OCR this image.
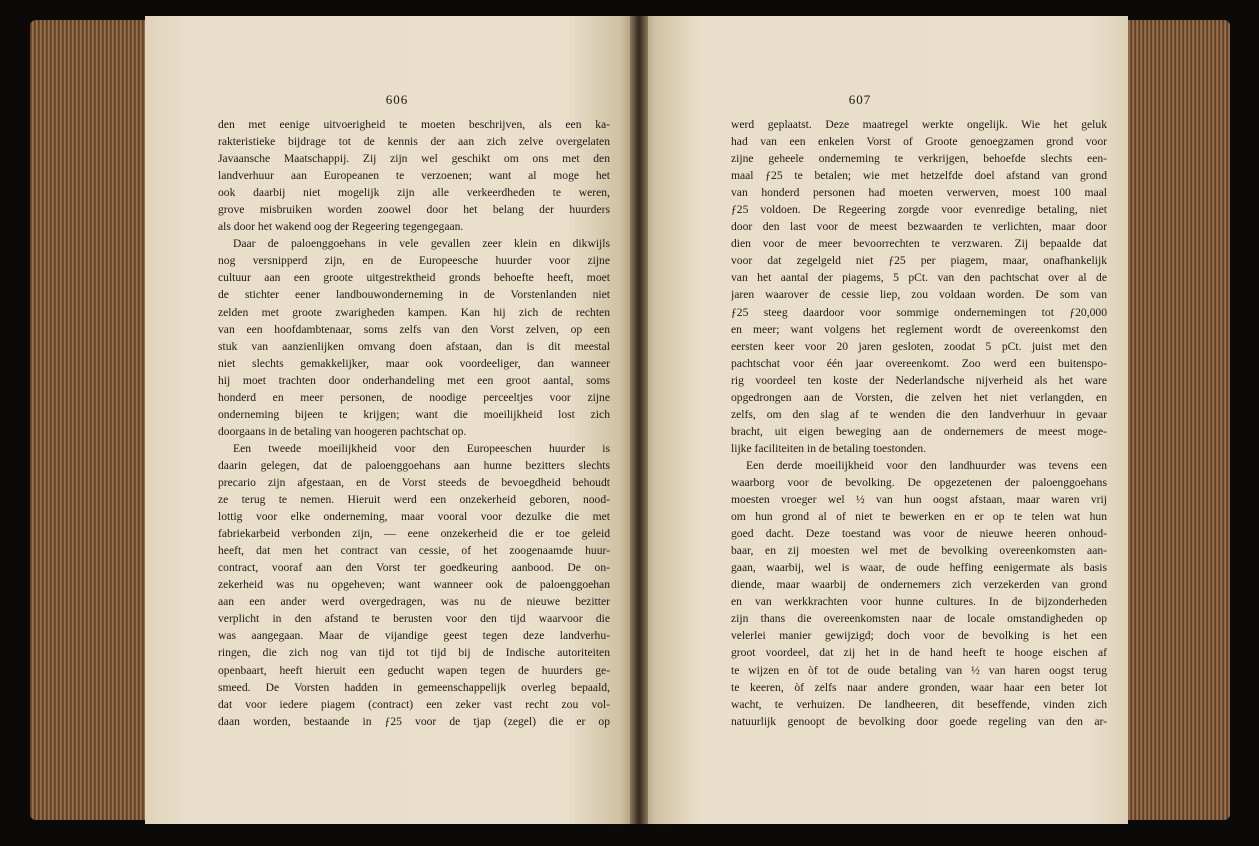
606
den met eenige uitvoerigheid te moeten beschrijven, als een ka-
rakteristieke bijdrage tot de kennis der aan zich zelve overgelaten
Javaansche Maatschappij. Zij zijn wel geschikt om ons met den
landverhuur aan Europeanen te verzoenen; want al moge het
ook daarbij niet mogelijk zijn alle verkeerdheden te weren,
grove misbruiken worden zoowel door het belang der huurders
als door het wakend oog der Regeering tegengegaan.
Daar de paloenggoehans in vele gevallen zeer klein en dikwijls
nog versnipperd zijn, en de Europeesche huurder voor zijne
cultuur aan een groote uitgestrektheid gronds behoefte heeft, moet
de stichter eener landbouwonderneming in de Vorstenlanden niet
zelden met groote zwarigheden kampen. Kan hij zich de rechten
van een hoofdambtenaar, soms zelfs van den Vorst zelven, op een
stuk van aanzienlijken omvang doen afstaan, dan is dit meestal
niet slechts gemakkelijker, maar ook voordeeliger, dan wanneer
hij moet trachten door onderhandeling met een groot aantal, soms
honderd en meer personen, de noodige perceeltjes voor zijne
onderneming bijeen te krijgen; want die moeilijkheid lost zich
doorgaans in de betaling van hoogeren pachtschat op.
Een tweede moeilijkheid voor den Europeeschen huurder is
daarin gelegen, dat de paloenggoehans aan hunne bezitters slechts
precario zijn afgestaan, en de Vorst steeds de bevoegdheid behoudt
ze terug te nemen. Hieruit werd een onzekerheid geboren, nood-
lottig voor elke onderneming, maar vooral voor dezulke die met
fabriekarbeid verbonden zijn, — eene onzekerheid die er toe geleid
heeft, dat men het contract van cessie, of het zoogenaamde huur-
contract, vooraf aan den Vorst ter goedkeuring aanbood. De on-
zekerheid was nu opgeheven; want wanneer ook de paloenggoehan
aan een ander werd overgedragen, was nu de nieuwe bezitter
verplicht in den afstand te berusten voor den tijd waarvoor die
was aangegaan. Maar de vijandige geest tegen deze landverhu-
ringen, die zich nog van tijd tot tijd bij de Indische autoriteiten
openbaart, heeft hieruit een geducht wapen tegen de huurders ge-
smeed. De Vorsten hadden in gemeenschappelijk overleg bepaald,
dat voor iedere piagem (contract) een zeker vast recht zou vol-
daan worden, bestaande in ƒ25 voor de tjap (zegel) die er op
607
werd geplaatst. Deze maatregel werkte ongelijk. Wie het geluk
had van een enkelen Vorst of Groote genoegzamen grond voor
zijne geheele onderneming te verkrijgen, behoefde slechts een-
maal ƒ25 te betalen; wie met hetzelfde doel afstand van grond
van honderd personen had moeten verwerven, moest 100 maal
ƒ25 voldoen. De Regeering zorgde voor evenredige betaling, niet
door den last voor de meest bezwaarden te verlichten, maar door
dien voor de meer bevoorrechten te verzwaren. Zij bepaalde dat
voor dat zegelgeld niet ƒ25 per piagem, maar, onafhankelijk
van het aantal der piagems, 5 pCt. van den pachtschat over al de
jaren waarover de cessie liep, zou voldaan worden. De som van
ƒ25 steeg daardoor voor sommige ondernemingen tot ƒ20,000
en meer; want volgens het reglement wordt de overeenkomst den
eersten keer voor 20 jaren gesloten, zoodat 5 pCt. juist met den
pachtschat voor één jaar overeenkomt. Zoo werd een buitenspo-
rig voordeel ten koste der Nederlandsche nijverheid als het ware
opgedrongen aan de Vorsten, die zelven het niet verlangden, en
zelfs, om den slag af te wenden die den landverhuur in gevaar
bracht, uit eigen beweging aan de ondernemers de meest moge-
lijke faciliteiten in de betaling toestonden.
Een derde moeilijkheid voor den landhuurder was tevens een
waarborg voor de bevolking. De opgezetenen der paloenggoehans
moesten vroeger wel ½ van hun oogst afstaan, maar waren vrij
om hun grond al of niet te bewerken en er op te telen wat hun
goed dacht. Deze toestand was voor de nieuwe heeren onhoud-
baar, en zij moesten wel met de bevolking overeenkomsten aan-
gaan, waarbij, wel is waar, de oude heffing eenigermate als basis
diende, maar waarbij de ondernemers zich verzekerden van grond
en van werkkrachten voor hunne cultures. In de bijzonderheden
zijn thans die overeenkomsten naar de locale omstandigheden op
velerlei manier gewijzigd; doch voor de bevolking is het een
groot voordeel, dat zij het in de hand heeft te hooge eischen af
te wijzen en òf tot de oude betaling van ½ van haren oogst terug
te keeren, òf zelfs naar andere gronden, waar haar een beter lot
wacht, te verhuizen. De landheeren, dit beseffende, vinden zich
natuurlijk genoopt de bevolking door goede regeling van den ar-
